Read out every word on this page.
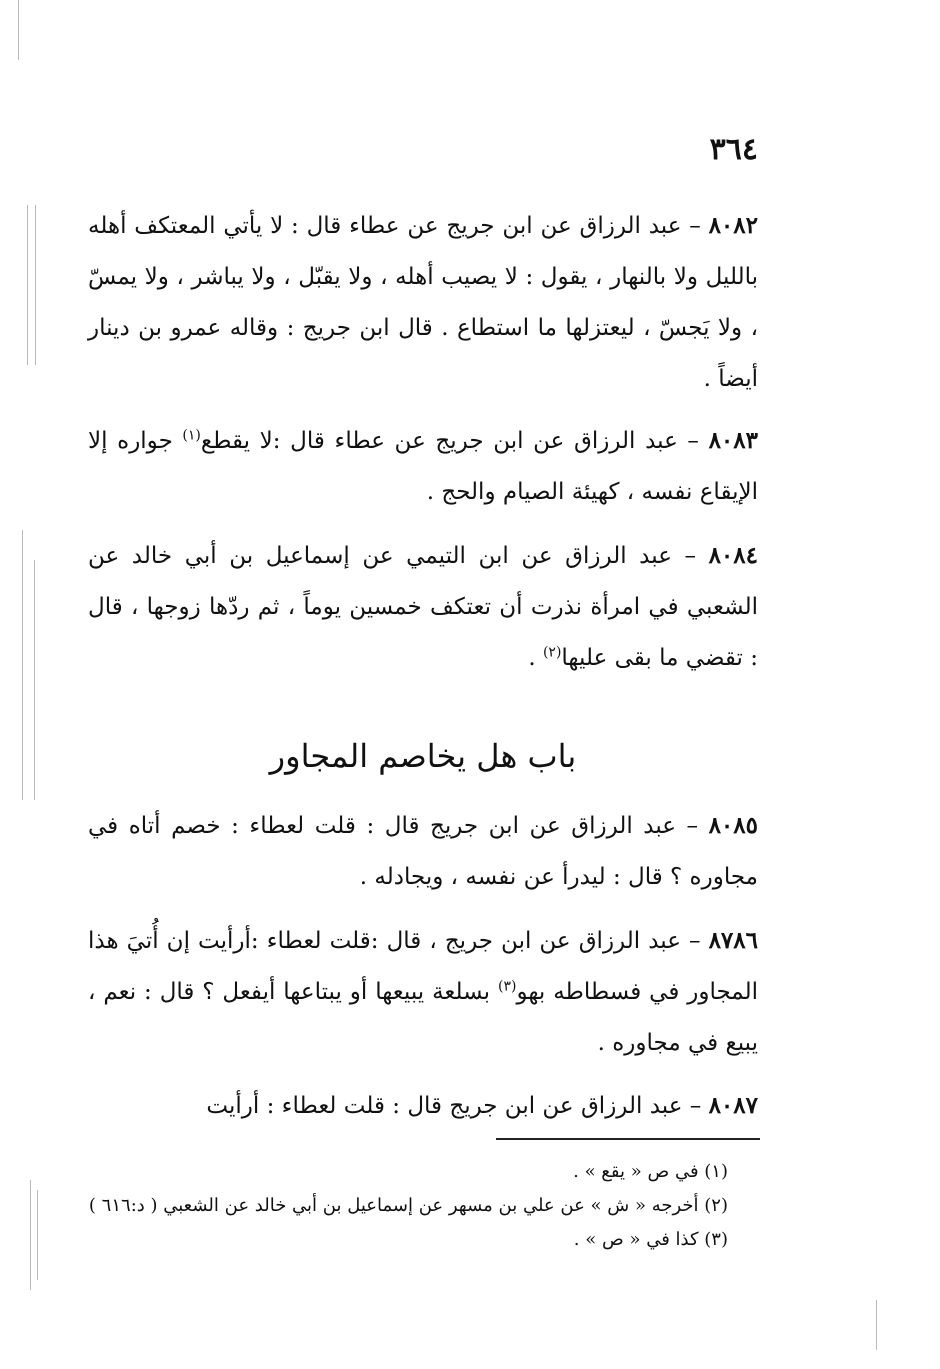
٣٦٤

٨٠٨٢ – عبد الرزاق عن ابن جريج عن عطاء قال : لا يأتي المعتكف أهله بالليل ولا بالنهار ، يقول : لا يصيب أهله ، ولا يقبّل ، ولا يباشر ، ولا يمسّ ، ولا يَجسّ ، ليعتزلها ما استطاع . قال ابن جريج : وقاله عمرو بن دينار أيضاً .

٨٠٨٣ – عبد الرزاق عن ابن جريج عن عطاء قال :لا يقطع$^{(١)}$ جواره إلا الإيقاع نفسه ، كهيئة الصيام والحج .

٨٠٨٤ – عبد الرزاق عن ابن التيمي عن إسماعيل بن أبي خالد عن الشعبي في امرأة نذرت أن تعتكف خمسين يوماً ، ثم ردّها زوجها ، قال : تقضي ما بقى عليها$^{(٢)}$ .

باب هل يخاصم المجاور

٨٠٨٥ – عبد الرزاق عن ابن جريج قال : قلت لعطاء : خصم أتاه في مجاوره ؟ قال : ليدرأ عن نفسه ، ويجادله .

٨٧٨٦ – عبد الرزاق عن ابن جريج ، قال :قلت لعطاء :أرأيت إن أُتيَ هذا المجاور في فسطاطه بهو$^{(٣)}$ بسلعة يبيعها أو يبتاعها أيفعل ؟ قال : نعم ، يبيع في مجاوره .

٨٠٨٧ – عبد الرزاق عن ابن جريج قال : قلت لعطاء : أرأيت

(١) في ص « يقع » .
(٢) أخرجه « ش » عن علي بن مسهر عن إسماعيل بن أبي خالد عن الشعبي ( د:٦١٦ )
(٣) كذا في « ص » .
